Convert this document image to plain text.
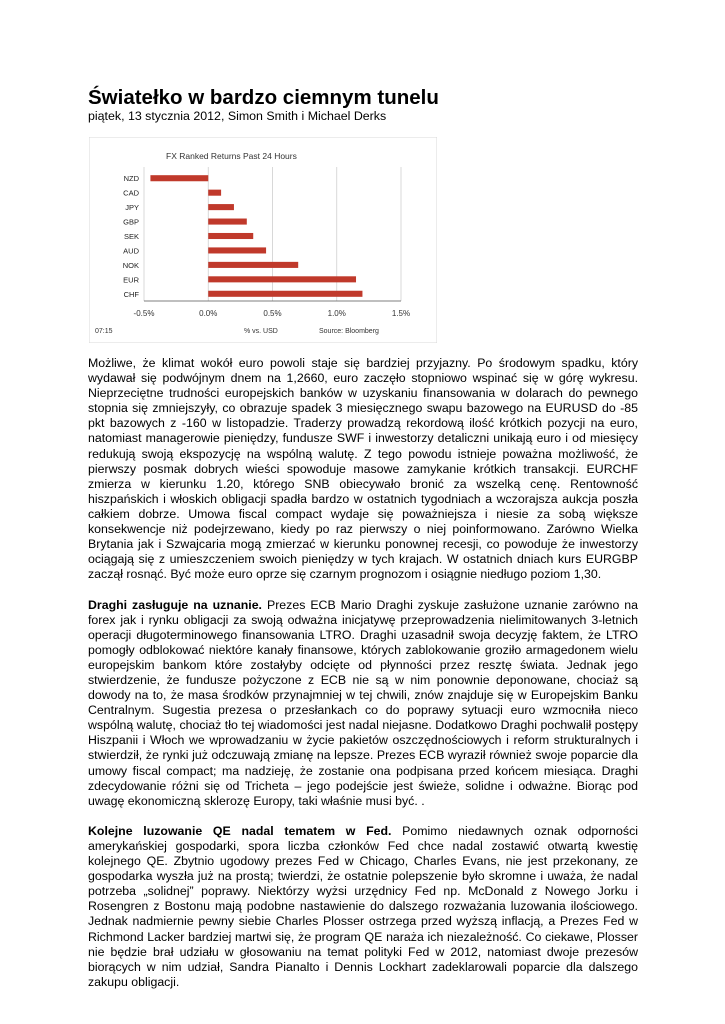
Światełko w bardzo ciemnym tunelu
piątek, 13 stycznia 2012, Simon Smith i Michael Derks
FX Ranked Returns Past 24 Hours
NZD
CAD
JPY
GBP
SEK
AUD
NOK
EUR
CHF
-0.5%	0.0%	0.5%	1.0%	1.5%
07:15	% vs. USD	Source: Bloomberg

Możliwe, że klimat wokół euro powoli staje się bardziej przyjazny. Po środowym spadku, który wydawał się podwójnym dnem na 1,2660, euro zaczęło stopniowo wspinać się w górę wykresu. Nieprzeciętne trudności europejskich banków w uzyskaniu finansowania w dolarach do pewnego stopnia się zmniejszyły, co obrazuje spadek 3 miesięcznego swapu bazowego na EURUSD do -85 pkt bazowych z -160 w listopadzie. Traderzy prowadzą rekordową ilość krótkich pozycji na euro, natomiast managerowie pieniędzy, fundusze SWF i inwestorzy detaliczni unikają euro i od miesięcy redukują swoją ekspozycję na wspólną walutę. Z tego powodu istnieje poważna możliwość, że pierwszy posmak dobrych wieści spowoduje masowe zamykanie krótkich transakcji. EURCHF zmierza w kierunku 1.20, którego SNB obiecywało bronić za wszelką cenę. Rentowność hiszpańskich i włoskich obligacji spadła bardzo w ostatnich tygodniach a wczorajsza aukcja poszła całkiem dobrze. Umowa fiscal compact wydaje się poważniejsza i niesie za sobą większe konsekwencje niż podejrzewano, kiedy po raz pierwszy o niej poinformowano. Zarówno Wielka Brytania jak i Szwajcaria mogą zmierzać w kierunku ponownej recesji, co powoduje że inwestorzy ociągają się z umieszczeniem swoich pieniędzy w tych krajach. W ostatnich dniach kurs EURGBP zaczął rosnąć. Być może euro oprze się czarnym prognozom i osiągnie niedługo poziom 1,30.

Draghi zasługuje na uznanie. Prezes ECB Mario Draghi zyskuje zasłużone uznanie zarówno na forex jak i rynku obligacji za swoją odważna inicjatywę przeprowadzenia nielimitowanych 3-letnich operacji długoterminowego finansowania LTRO. Draghi uzasadnił swoja decyzję faktem, że LTRO pomogły odblokować niektóre kanały finansowe, których zablokowanie groziło armagedonem wielu europejskim bankom które zostałyby odcięte od płynności przez resztę świata. Jednak jego stwierdzenie, że fundusze pożyczone z ECB nie są w nim ponownie deponowane, chociaż są dowody na to, że masa środków przynajmniej w tej chwili, znów znajduje się w Europejskim Banku Centralnym. Sugestia prezesa o przesłankach co do poprawy sytuacji euro wzmocniła nieco wspólną walutę, chociaż tło tej wiadomości jest nadal niejasne. Dodatkowo Draghi pochwalił postępy Hiszpanii i Włoch we wprowadzaniu w życie pakietów oszczędnościowych i reform strukturalnych i stwierdził, że rynki już odczuwają zmianę na lepsze. Prezes ECB wyraził również swoje poparcie dla umowy fiscal compact; ma nadzieję, że zostanie ona podpisana przed końcem miesiąca. Draghi zdecydowanie różni się od Tricheta – jego podejście jest świeże, solidne i odważne. Biorąc pod uwagę ekonomiczną sklerozę Europy, taki właśnie musi być. .

Kolejne luzowanie QE nadal tematem w Fed. Pomimo niedawnych oznak odporności amerykańskiej gospodarki, spora liczba członków Fed chce nadal zostawić otwartą kwestię kolejnego QE. Zbytnio ugodowy prezes Fed w Chicago, Charles Evans, nie jest przekonany, ze gospodarka wyszła już na prostą; twierdzi, że ostatnie polepszenie było skromne i uważa, że nadal potrzeba „solidnej” poprawy. Niektórzy wyżsi urzędnicy Fed np. McDonald z Nowego Jorku i Rosengren z Bostonu mają podobne nastawienie do dalszego rozważania luzowania ilościowego. Jednak nadmiernie pewny siebie Charles Plosser ostrzega przed wyższą inflacją, a Prezes Fed w Richmond Lacker bardziej martwi się, że program QE naraża ich niezależność. Co ciekawe, Plosser nie będzie brał udziału w głosowaniu na temat polityki Fed w 2012, natomiast dwoje prezesów biorących w nim udział, Sandra Pianalto i Dennis Lockhart zadeklarowali poparcie dla dalszego zakupu obligacji.
